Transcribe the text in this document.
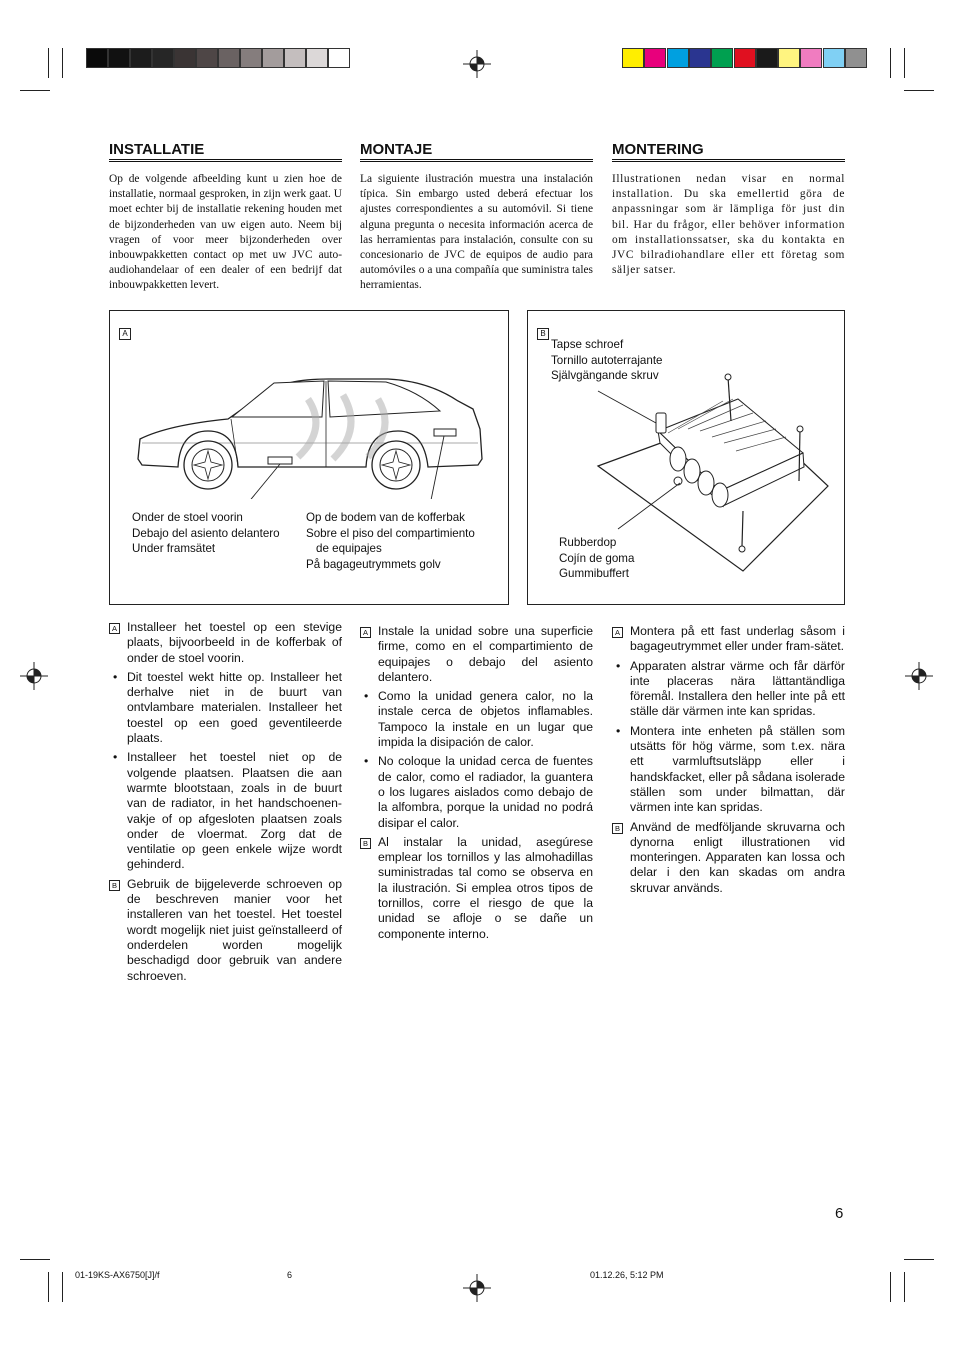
INSTALLATIE	MONTAJE	MONTERING
Op de volgende afbeelding kunt u zien hoe de installatie, normaal gesproken, in zijn werk gaat. U moet echter bij de installatie rekening houden met de bijzonderheden van uw eigen auto. Neem bij vragen of voor meer bijzonderheden over inbouwpakketten contact op met uw JVC auto-audiohandelaar of een dealer of een bedrijf dat inbouwpakketten levert.
La siguiente ilustración muestra una instalación típica. Sin embargo usted deberá efectuar los ajustes correspondientes a su automóvil. Si tiene alguna pregunta o necesita información acerca de las herramientas para instalación, consulte con su concesionario de JVC de equipos de audio para automóviles o a una compañía que suministra tales herramientas.
Illustrationen nedan visar en normal installation. Du ska emellertid göra de anpassningar som är lämpliga för just din bil. Har du frågor, eller behöver information om installationssatser, ska du kontakta en JVC bilradiohandlare eller ett företag som säljer satser.
A
Onder de stoel voorin
Debajo del asiento delantero
Under framsätet
Op de bodem van de kofferbak
Sobre el piso del compartimiento
de equipajes
På bagageutrymmets golv
B
Tapse schroef
Tornillo autoterrajante
Självgängande skruv
Rubberdop
Cojín de goma
Gummibuffert
A Installeer het toestel op een stevige plaats, bijvoorbeeld in de kofferbak of onder de stoel voorin.
• Dit toestel wekt hitte op. Installeer het derhalve niet in de buurt van ontvlambare materialen. Installeer het toestel op een goed geventileerde plaats.
• Installeer het toestel niet op de volgende plaatsen. Plaatsen die aan warmte blootstaan, zoals in de buurt van de radiator, in het handschoenen-vakje of op afgesloten plaatsen zoals onder de vloermat. Zorg dat de ventilatie op geen enkele wijze wordt gehinderd.
B Gebruik de bijgeleverde schroeven op de beschreven manier voor het installeren van het toestel. Het toestel wordt mogelijk niet juist geïnstalleerd of onderdelen worden mogelijk beschadigd door gebruik van andere schroeven.
A Instale la unidad sobre una superficie firme, como en el compartimiento de equipajes o debajo del asiento delantero.
• Como la unidad genera calor, no la instale cerca de objetos inflamables. Tampoco la instale en un lugar que impida la disipación de calor.
• No coloque la unidad cerca de fuentes de calor, como el radiador, la guantera o los lugares aislados como debajo de la alfombra, porque la unidad no podrá disipar el calor.
B Al instalar la unidad, asegúrese emplear los tornillos y las almohadillas suministradas tal como se observa en la ilustración. Si emplea otros tipos de tornillos, corre el riesgo de que la unidad se afloje o se dañe un componente interno.
A Montera på ett fast underlag såsom i bagageutrymmet eller under fram-sätet.
• Apparaten alstrar värme och får därför inte placeras nära lättantändliga föremål. Installera den heller inte på ett ställe där värmen inte kan spridas.
• Montera inte enheten på ställen som utsätts för hög värme, som t.ex. nära ett varmluftsutsläpp eller i handskfacket, eller på sådana isolerade ställen som under bilmattan, där värmen inte kan spridas.
B Använd de medföljande skruvarna och dynorna enligt illustrationen vid monteringen. Apparaten kan lossa och delar i den kan skadas om andra skruvar används.
6
01-19KS-AX6750[J]/f	6	01.12.26, 5:12 PM
